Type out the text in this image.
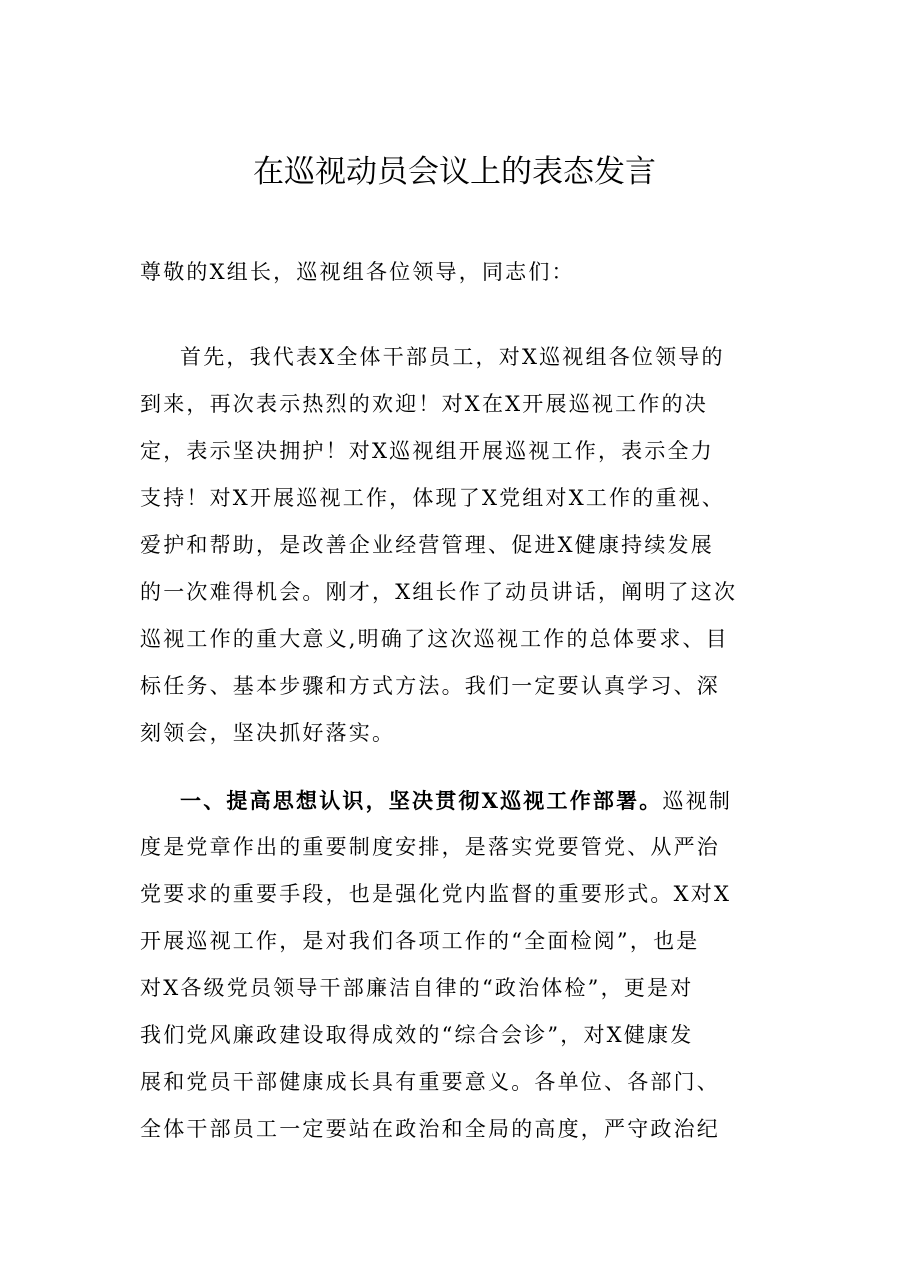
在巡视动员会议上的表态发言
尊敬的X组长，巡视组各位领导，同志们：
首先，我代表X全体干部员工，对X巡视组各位领导的
到来，再次表示热烈的欢迎！对X在X开展巡视工作的决
定，表示坚决拥护！对X巡视组开展巡视工作，表示全力
支持！对X开展巡视工作，体现了X党组对X工作的重视、
爱护和帮助，是改善企业经营管理、促进X健康持续发展
的一次难得机会。刚才，X组长作了动员讲话，阐明了这次
巡视工作的重大意义,明确了这次巡视工作的总体要求、目
标任务、基本步骤和方式方法。我们一定要认真学习、深
刻领会，坚决抓好落实。
一、提高思想认识，坚决贯彻X巡视工作部署。巡视制
度是党章作出的重要制度安排，是落实党要管党、从严治
党要求的重要手段，也是强化党内监督的重要形式。X对X
开展巡视工作，是对我们各项工作的“全面检阅”，也是
对X各级党员领导干部廉洁自律的“政治体检”，更是对
我们党风廉政建设取得成效的“综合会诊”，对X健康发
展和党员干部健康成长具有重要意义。各单位、各部门、
全体干部员工一定要站在政治和全局的高度，严守政治纪
